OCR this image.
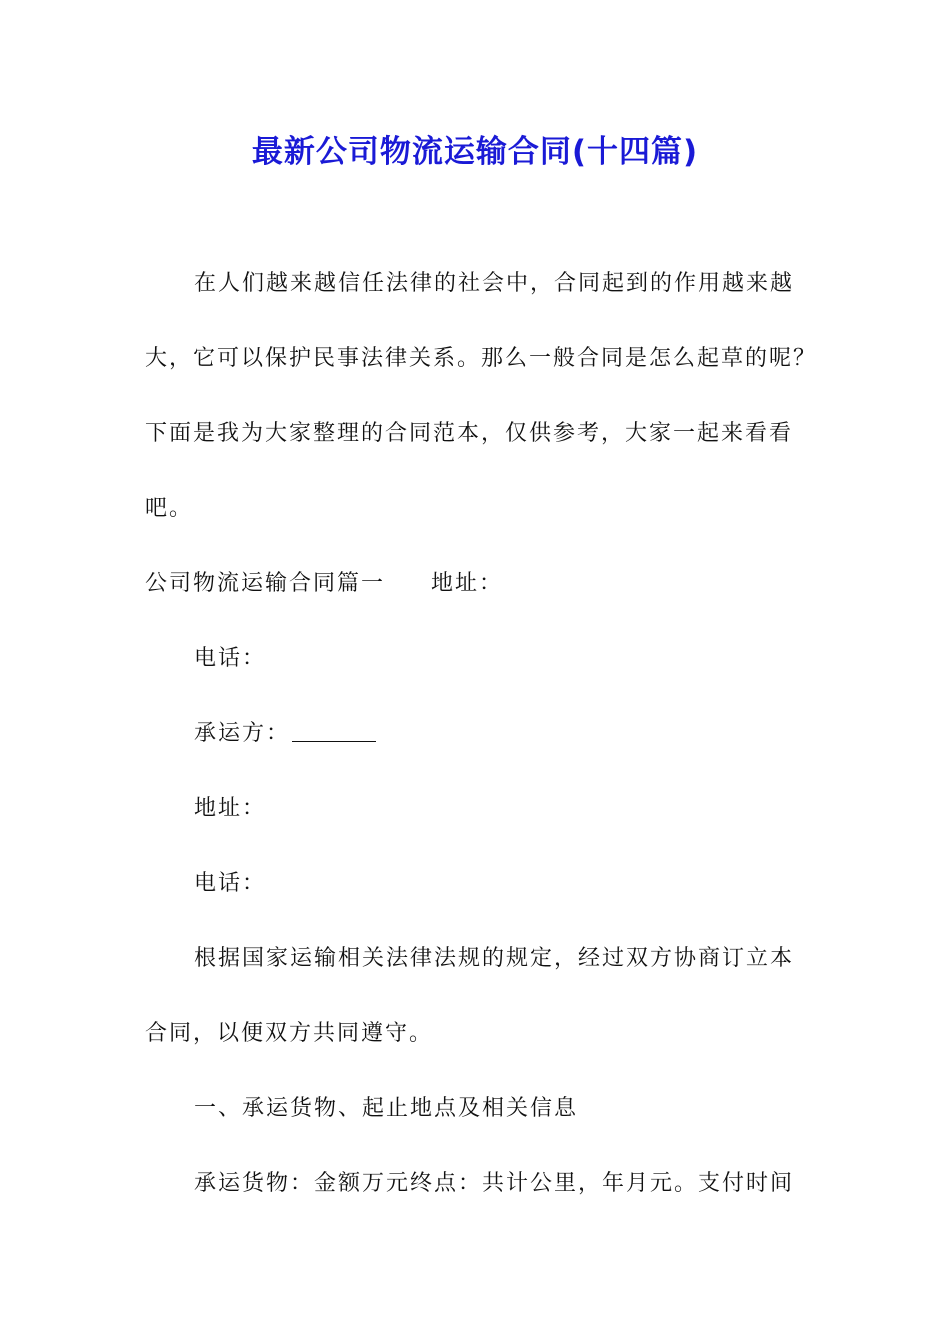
最新公司物流运输合同(十四篇)

在人们越来越信任法律的社会中，合同起到的作用越来越

大，它可以保护民事法律关系。那么一般合同是怎么起草的呢？

下面是我为大家整理的合同范本，仅供参考，大家一起来看看

吧。

公司物流运输合同篇一 地址：

电话：

承运方：

地址：

电话：

根据国家运输相关法律法规的规定，经过双方协商订立本

合同，以便双方共同遵守。

一、承运货物、起止地点及相关信息

承运货物：金额万元终点：共计公里，年月元。支付时间
